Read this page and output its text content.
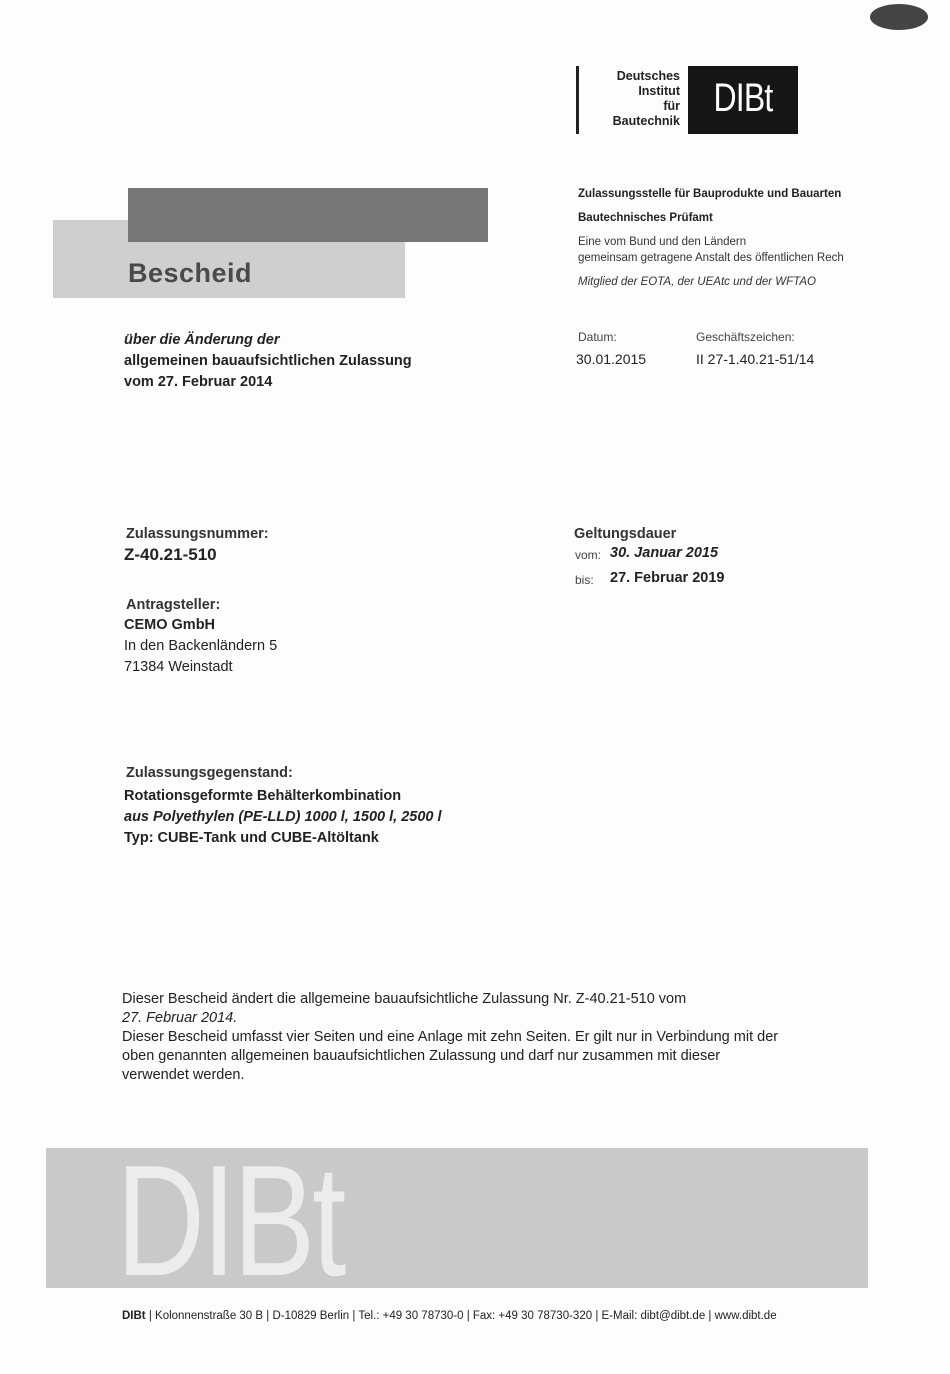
Deutsches
Institut
für
Bautechnik
DIBt
Bescheid
Zulassungsstelle für Bauprodukte und Bauarten
Bautechnisches Prüfamt
Eine vom Bund und den Ländern
gemeinsam getragene Anstalt des öffentlichen Rech
Mitglied der EOTA, der UEAtc und der WFTAO
über die Änderung der
allgemeinen bauaufsichtlichen Zulassung
vom 27. Februar 2014
Datum:
30.01.2015
Geschäftszeichen:
II 27-1.40.21-51/14
Zulassungsnummer:
Z-40.21-510
Geltungsdauer
vom: 30. Januar 2015
bis: 27. Februar 2019
Antragsteller:
CEMO GmbH
In den Backenländern 5
71384 Weinstadt
Zulassungsgegenstand:
Rotationsgeformte Behälterkombination
aus Polyethylen (PE-LLD) 1000 l, 1500 l, 2500 l
Typ: CUBE-Tank und CUBE-Altöltank
Dieser Bescheid ändert die allgemeine bauaufsichtliche Zulassung Nr. Z-40.21-510 vom
27. Februar 2014.
Dieser Bescheid umfasst vier Seiten und eine Anlage mit zehn Seiten. Er gilt nur in Verbindung mit der
oben genannten allgemeinen bauaufsichtlichen Zulassung und darf nur zusammen mit dieser
verwendet werden.
DIBt
DIBt | Kolonnenstraße 30 B | D-10829 Berlin | Tel.: +49 30 78730-0 | Fax: +49 30 78730-320 | E-Mail: dibt@dibt.de | www.dibt.de
